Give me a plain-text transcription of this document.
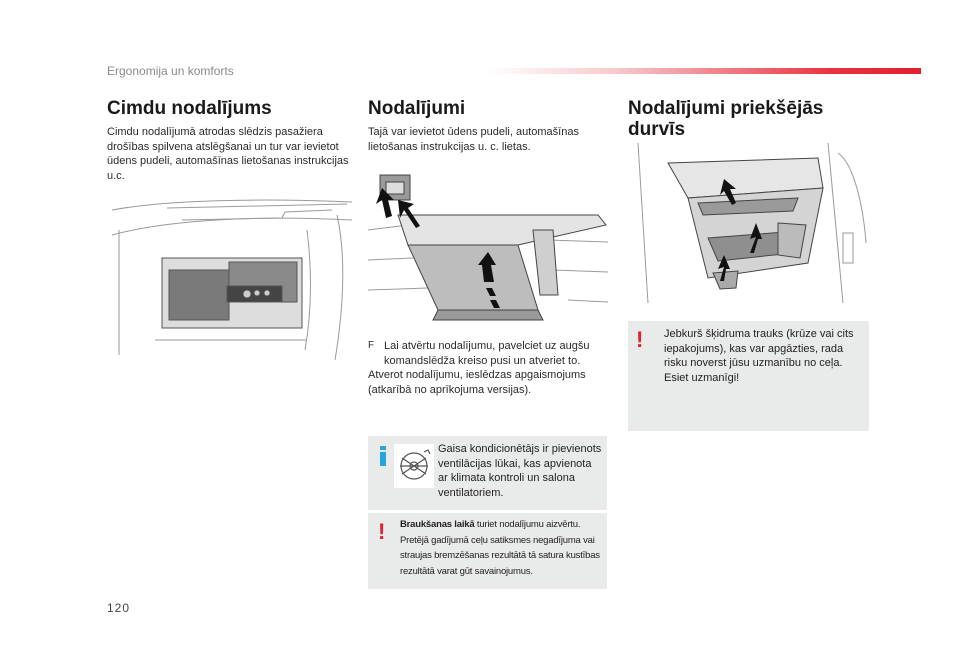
Ergonomija un komforts
Cimdu nodalījums
Cimdu nodalījumā atrodas slēdzis pasažiera drošības spilvena atslēgšanai un tur var ievietot ūdens pudeli, automašīnas lietošanas instrukcijas u.c.
Nodalījumi
Tajā var ievietot ūdens pudeli, automašīnas lietošanas instrukcijas u. c. lietas.
F Lai atvērtu nodalījumu, pavelciet uz augšu komandslēdža kreiso pusi un atveriet to.
Atverot nodalījumu, ieslēdzas apgaismojums (atkarībā no aprīkojuma versijas).
Gaisa kondicionētājs ir pievienots ventilācijas lūkai, kas apvienota ar klimata kontroli un salona ventilatoriem.
! Braukšanas laikā turiet nodalījumu aizvērtu. Pretējā gadījumā ceļu satiksmes negadījuma vai straujas bremzēšanas rezultātā tā satura kustības rezultātā varat gūt savainojumus.
Nodalījumi priekšējās durvīs
! Jebkurš šķidruma trauks (krūze vai cits iepakojums), kas var apgāzties, rada risku noverst jūsu uzmanību no ceļa. Esiet uzmanīgi!
120
